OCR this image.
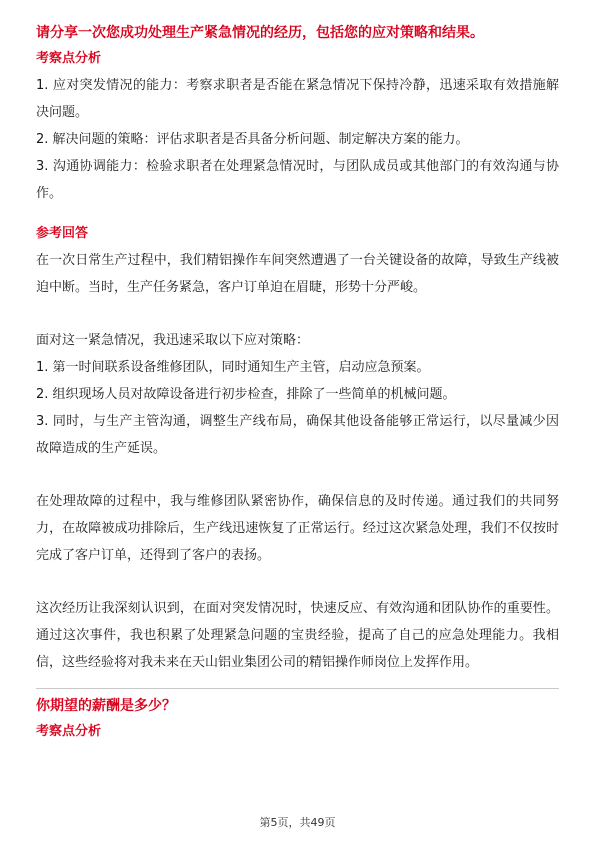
请分享一次您成功处理生产紧急情况的经历，包括您的应对策略和结果。
考察点分析

1. 应对突发情况的能力：考察求职者是否能在紧急情况下保持冷静，迅速采取有效措施解决问题。

2. 解决问题的策略：评估求职者是否具备分析问题、制定解决方案的能力。

3. 沟通协调能力：检验求职者在处理紧急情况时，与团队成员或其他部门的有效沟通与协作。

参考回答

在一次日常生产过程中，我们精铝操作车间突然遭遇了一台关键设备的故障，导致生产线被迫中断。当时，生产任务紧急，客户订单迫在眉睫，形势十分严峻。

面对这一紧急情况，我迅速采取以下应对策略：

1. 第一时间联系设备维修团队，同时通知生产主管，启动应急预案。

2. 组织现场人员对故障设备进行初步检查，排除了一些简单的机械问题。

3. 同时，与生产主管沟通，调整生产线布局，确保其他设备能够正常运行，以尽量减少因故障造成的生产延误。

在处理故障的过程中，我与维修团队紧密协作，确保信息的及时传递。通过我们的共同努力，在故障被成功排除后，生产线迅速恢复了正常运行。经过这次紧急处理，我们不仅按时完成了客户订单，还得到了客户的表扬。

这次经历让我深刻认识到，在面对突发情况时，快速反应、有效沟通和团队协作的重要性。通过这次事件，我也积累了处理紧急问题的宝贵经验，提高了自己的应急处理能力。我相信，这些经验将对我未来在天山铝业集团公司的精铝操作师岗位上发挥作用。

你期望的薪酬是多少？
考察点分析
第5页，共49页
